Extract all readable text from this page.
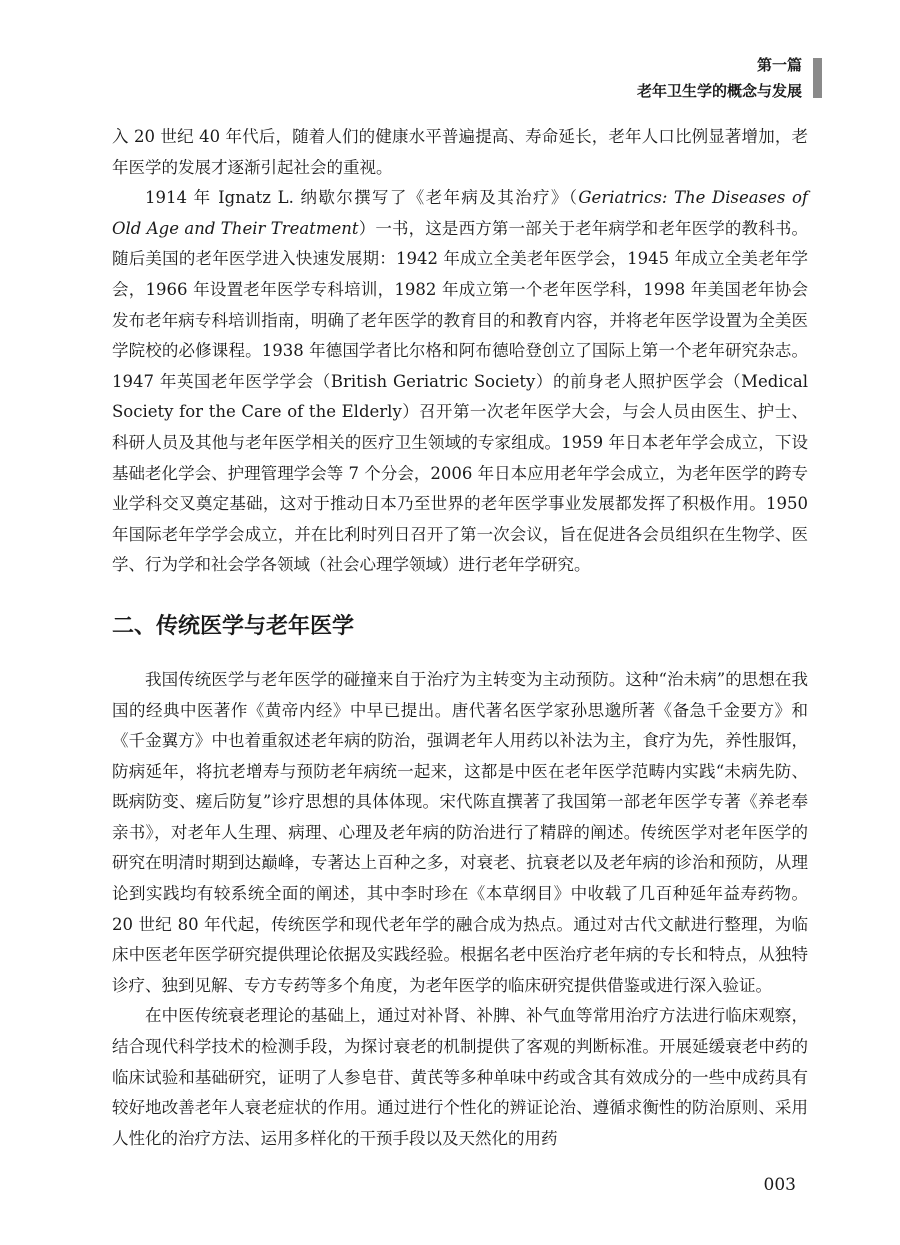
第一篇
老年卫生学的概念与发展

入 20 世纪 40 年代后，随着人们的健康水平普遍提高、寿命延长，老年人口比例显著增加，老年医学的发展才逐渐引起社会的重视。

1914 年 Ignatz L. 纳歇尔撰写了《老年病及其治疗》（Geriatrics: The Diseases of Old Age and Their Treatment）一书，这是西方第一部关于老年病学和老年医学的教科书。随后美国的老年医学进入快速发展期：1942 年成立全美老年医学会，1945 年成立全美老年学会，1966 年设置老年医学专科培训，1982 年成立第一个老年医学科，1998 年美国老年协会发布老年病专科培训指南，明确了老年医学的教育目的和教育内容，并将老年医学设置为全美医学院校的必修课程。1938 年德国学者比尔格和阿布德哈登创立了国际上第一个老年研究杂志。1947 年英国老年医学学会（British Geriatric Society）的前身老人照护医学会（Medical Society for the Care of the Elderly）召开第一次老年医学大会，与会人员由医生、护士、科研人员及其他与老年医学相关的医疗卫生领域的专家组成。1959 年日本老年学会成立，下设基础老化学会、护理管理学会等 7 个分会，2006 年日本应用老年学会成立，为老年医学的跨专业学科交叉奠定基础，这对于推动日本乃至世界的老年医学事业发展都发挥了积极作用。1950 年国际老年学学会成立，并在比利时列日召开了第一次会议，旨在促进各会员组织在生物学、医学、行为学和社会学各领域（社会心理学领域）进行老年学研究。

二、传统医学与老年医学

我国传统医学与老年医学的碰撞来自于治疗为主转变为主动预防。这种“治未病”的思想在我国的经典中医著作《黄帝内经》中早已提出。唐代著名医学家孙思邈所著《备急千金要方》和《千金翼方》中也着重叙述老年病的防治，强调老年人用药以补法为主，食疗为先，养性服饵，防病延年，将抗老增寿与预防老年病统一起来，这都是中医在老年医学范畴内实践“未病先防、既病防变、瘥后防复”诊疗思想的具体体现。宋代陈直撰著了我国第一部老年医学专著《养老奉亲书》，对老年人生理、病理、心理及老年病的防治进行了精辟的阐述。传统医学对老年医学的研究在明清时期到达巅峰，专著达上百种之多，对衰老、抗衰老以及老年病的诊治和预防，从理论到实践均有较系统全面的阐述，其中李时珍在《本草纲目》中收载了几百种延年益寿药物。20 世纪 80 年代起，传统医学和现代老年学的融合成为热点。通过对古代文献进行整理，为临床中医老年医学研究提供理论依据及实践经验。根据名老中医治疗老年病的专长和特点，从独特诊疗、独到见解、专方专药等多个角度，为老年医学的临床研究提供借鉴或进行深入验证。

在中医传统衰老理论的基础上，通过对补肾、补脾、补气血等常用治疗方法进行临床观察，结合现代科学技术的检测手段，为探讨衰老的机制提供了客观的判断标准。开展延缓衰老中药的临床试验和基础研究，证明了人参皂苷、黄芪等多种单味中药或含其有效成分的一些中成药具有较好地改善老年人衰老症状的作用。通过进行个性化的辨证论治、遵循求衡性的防治原则、采用人性化的治疗方法、运用多样化的干预手段以及天然化的用药

003
